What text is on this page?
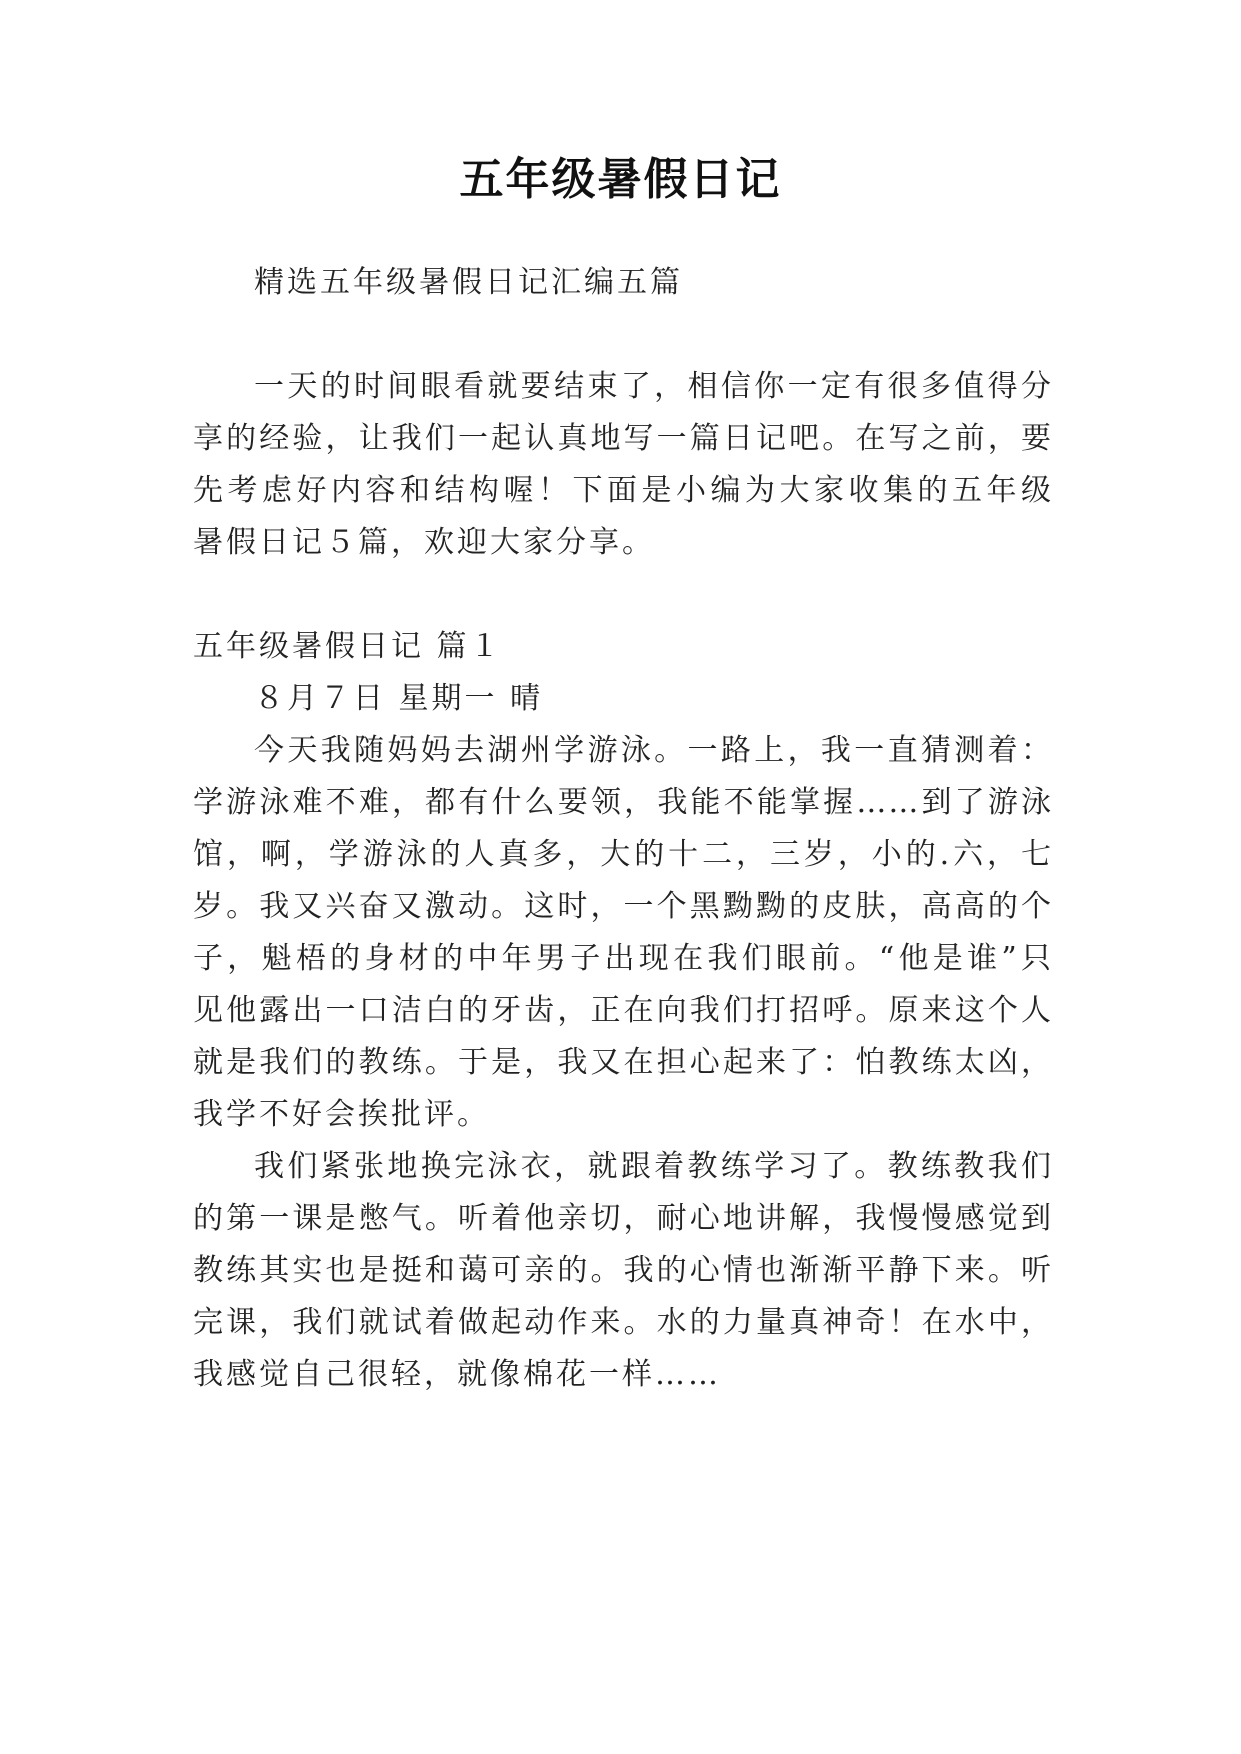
五年级暑假日记
精选五年级暑假日记汇编五篇
一天的时间眼看就要结束了，相信你一定有很多值得分
享的经验，让我们一起认真地写一篇日记吧。在写之前，要
先考虑好内容和结构喔！下面是小编为大家收集的五年级
暑假日记５篇，欢迎大家分享。
五年级暑假日记 篇１
８月７日 星期一 晴
今天我随妈妈去湖州学游泳。一路上，我一直猜测着：
学游泳难不难，都有什么要领，我能不能掌握……到了游泳
馆，啊，学游泳的人真多，大的十二，三岁，小的.六，七
岁。我又兴奋又激动。这时，一个黑黝黝的皮肤，高高的个
子，魁梧的身材的中年男子出现在我们眼前。“他是谁”只
见他露出一口洁白的牙齿，正在向我们打招呼。原来这个人
就是我们的教练。于是，我又在担心起来了：怕教练太凶，
我学不好会挨批评。
我们紧张地换完泳衣，就跟着教练学习了。教练教我们
的第一课是憋气。听着他亲切，耐心地讲解，我慢慢感觉到
教练其实也是挺和蔼可亲的。我的心情也渐渐平静下来。听
完课，我们就试着做起动作来。水的力量真神奇！在水中，
我感觉自己很轻，就像棉花一样……
